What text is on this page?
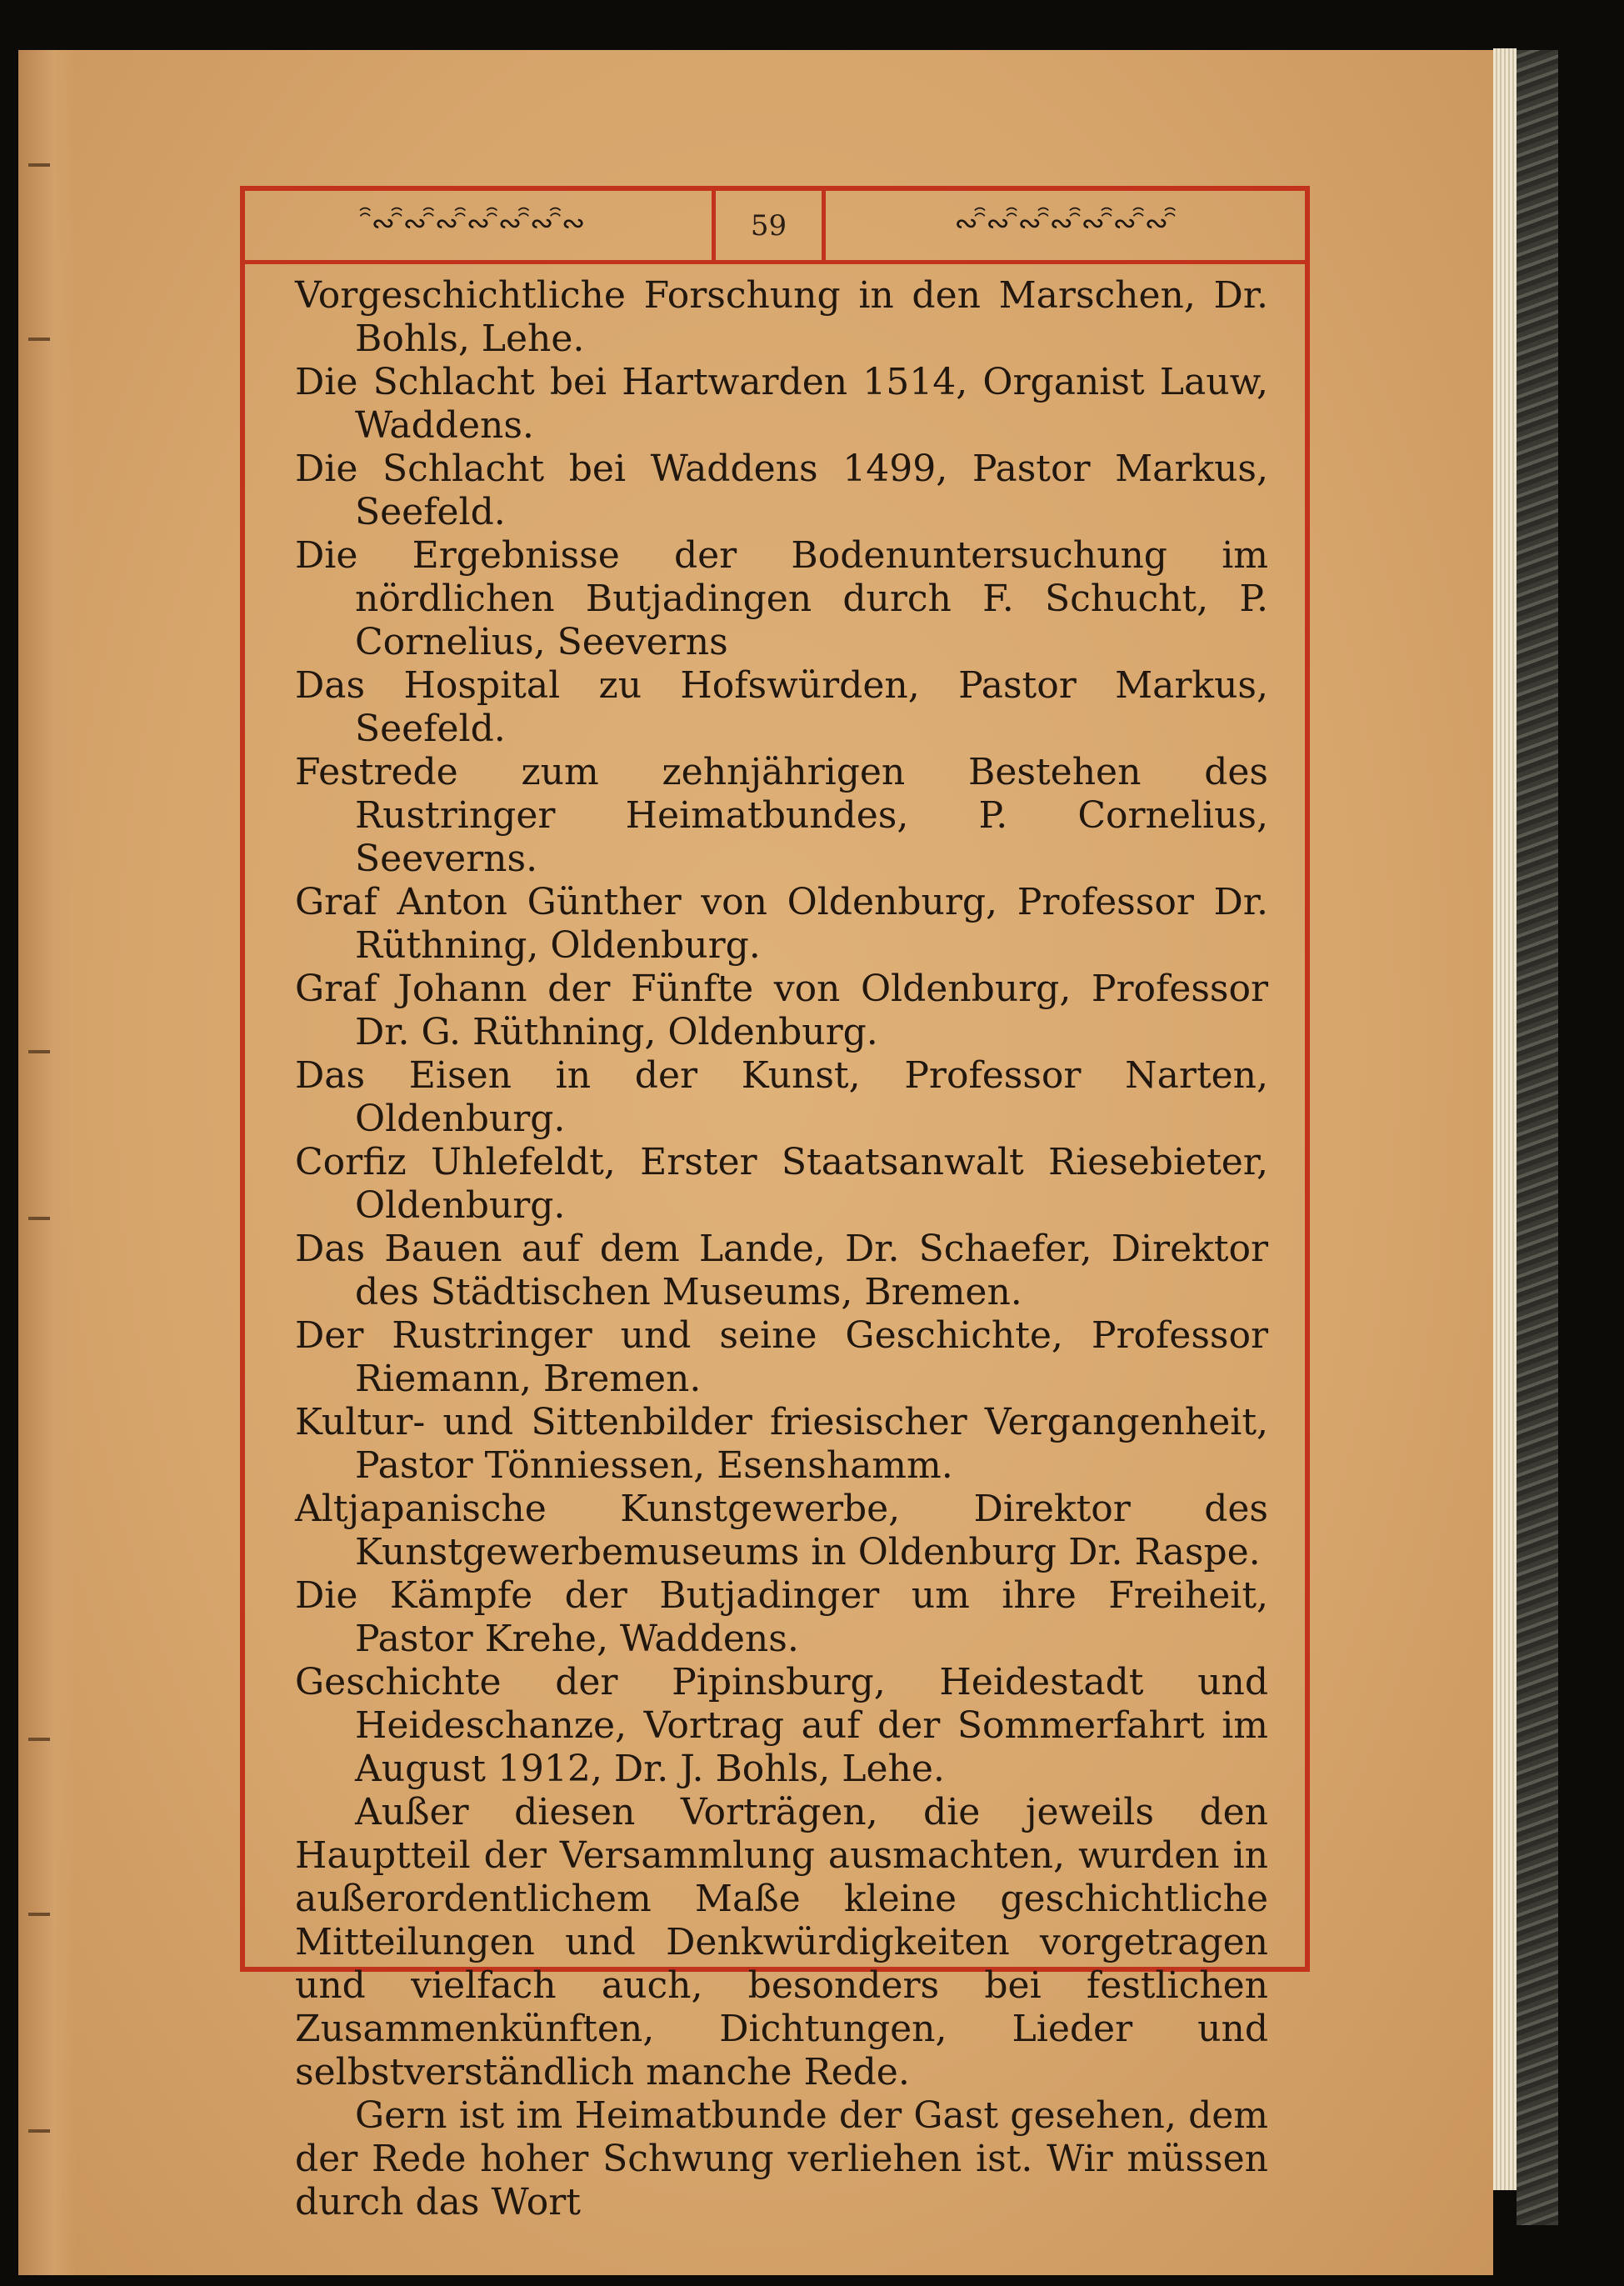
ꩰ∾ꩰ∾ꩰ∾ꩰ∾ꩰ∾ꩰ∾ꩰ∾	59	∾ꩰ∾ꩰ∾ꩰ∾ꩰ∾ꩰ∾ꩰ∾ꩰ
Vorgeschichtliche Forschung in den Marschen, Dr. Bohls, Lehe.
Die Schlacht bei Hartwarden 1514, Organist Lauw, Waddens.
Die Schlacht bei Waddens 1499, Pastor Markus, Seefeld.
Die Ergebnisse der Bodenuntersuchung im nördlichen Butjadingen durch F. Schucht, P. Cornelius, Seeverns
Das Hospital zu Hofswürden, Pastor Markus, Seefeld.
Festrede zum zehnjährigen Bestehen des Rustringer Heimatbundes, P. Cornelius, Seeverns.
Graf Anton Günther von Oldenburg, Professor Dr. Rüthning, Oldenburg.
Graf Johann der Fünfte von Oldenburg, Professor Dr. G. Rüthning, Oldenburg.
Das Eisen in der Kunst, Professor Narten, Oldenburg.
Corfiz Uhlefeldt, Erster Staatsanwalt Riesebieter, Oldenburg.
Das Bauen auf dem Lande, Dr. Schaefer, Direktor des Städtischen Museums, Bremen.
Der Rustringer und seine Geschichte, Professor Riemann, Bremen.
Kultur- und Sittenbilder friesischer Vergangenheit, Pastor Tönniessen, Esenshamm.
Altjapanische Kunstgewerbe, Direktor des Kunstgewerbemuseums in Oldenburg Dr. Raspe.
Die Kämpfe der Butjadinger um ihre Freiheit, Pastor Krehe, Waddens.
Geschichte der Pipinsburg, Heidestadt und Heideschanze, Vortrag auf der Sommerfahrt im August 1912, Dr. J. Bohls, Lehe.
Außer diesen Vorträgen, die jeweils den Hauptteil der Versammlung ausmachten, wurden in außerordentlichem Maße kleine geschichtliche Mitteilungen und Denkwürdigkeiten vorgetragen und vielfach auch, besonders bei festlichen Zusammenkünften, Dichtungen, Lieder und selbstverständlich manche Rede.
Gern ist im Heimatbunde der Gast gesehen, dem der Rede hoher Schwung verliehen ist. Wir müssen durch das Wort
